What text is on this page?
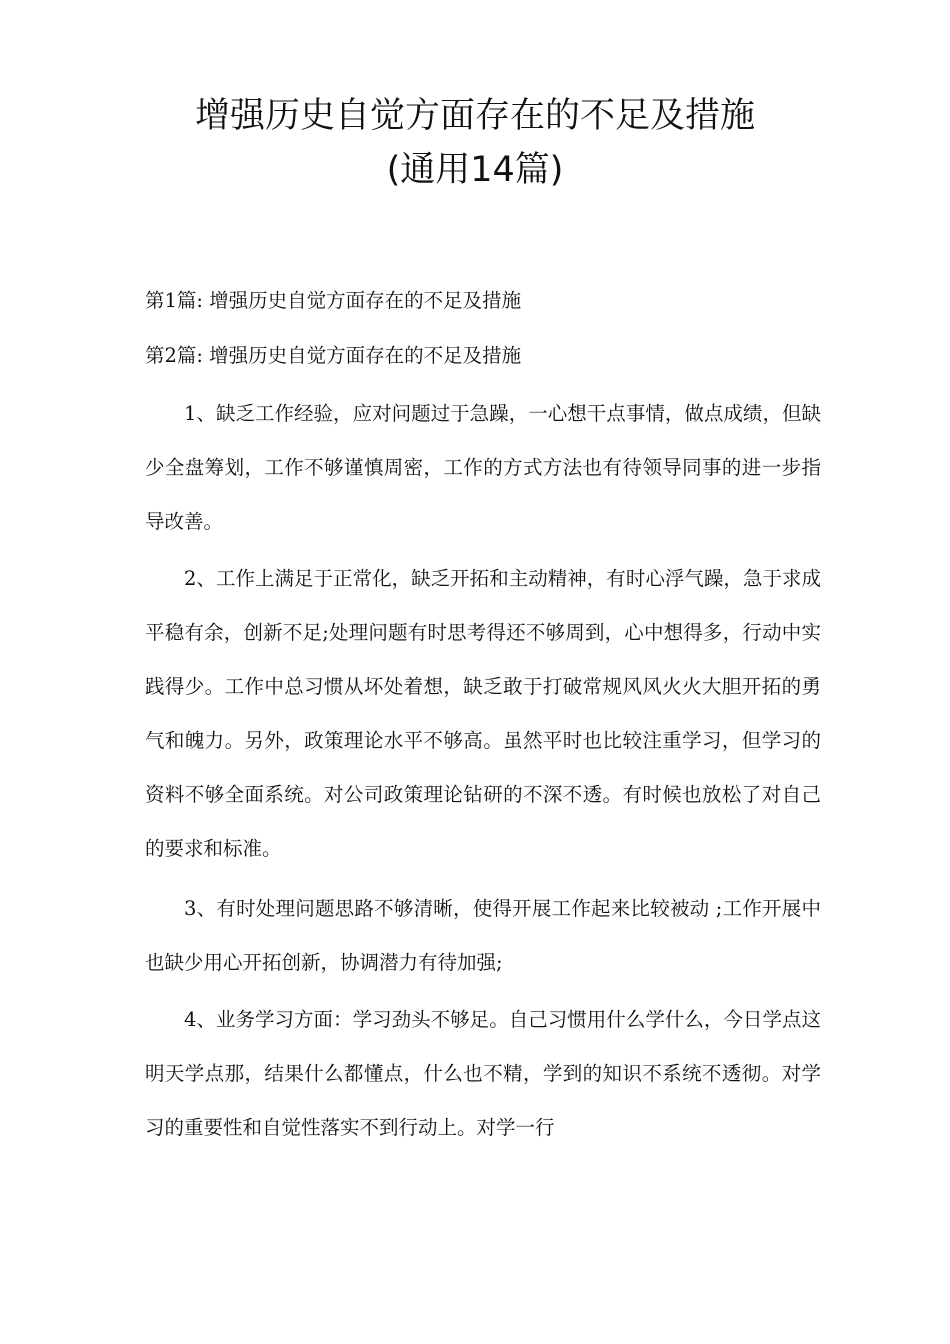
增强历史自觉方面存在的不足及措施
(通用14篇)

第1篇: 增强历史自觉方面存在的不足及措施

第2篇: 增强历史自觉方面存在的不足及措施

1、缺乏工作经验，应对问题过于急躁，一心想干点事情，做点成绩，但缺少全盘筹划，工作不够谨慎周密，工作的方式方法也有待领导同事的进一步指导改善。

2、工作上满足于正常化，缺乏开拓和主动精神，有时心浮气躁，急于求成平稳有余，创新不足;处理问题有时思考得还不够周到，心中想得多，行动中实践得少。工作中总习惯从坏处着想，缺乏敢于打破常规风风火火大胆开拓的勇气和魄力。另外，政策理论水平不够高。虽然平时也比较注重学习，但学习的资料不够全面系统。对公司政策理论钻研的不深不透。有时候也放松了对自己的要求和标准。

3、有时处理问题思路不够清晰，使得开展工作起来比较被动 ;工作开展中也缺少用心开拓创新，协调潜力有待加强;

4、业务学习方面：学习劲头不够足。自己习惯用什么学什么，今日学点这明天学点那，结果什么都懂点，什么也不精，学到的知识不系统不透彻。对学习的重要性和自觉性落实不到行动上。对学一行
